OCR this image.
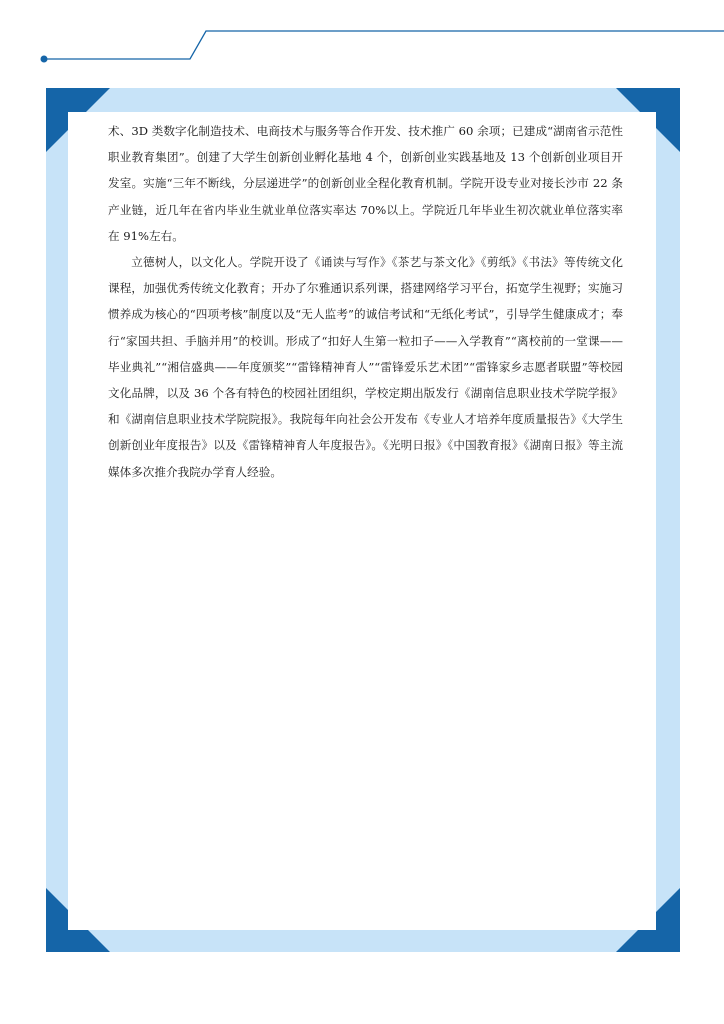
术、3D 类数字化制造技术、电商技术与服务等合作开发、技术推广 60 余项；已建成“湖南省示范性职业教育集团”。创建了大学生创新创业孵化基地 4 个，创新创业实践基地及 13 个创新创业项目开发室。实施“三年不断线，分层递进学”的创新创业全程化教育机制。学院开设专业对接长沙市 22 条产业链，近几年在省内毕业生就业单位落实率达 70%以上。学院近几年毕业生初次就业单位落实率在 91%左右。

立德树人，以文化人。学院开设了《诵读与写作》《茶艺与茶文化》《剪纸》《书法》等传统文化课程，加强优秀传统文化教育；开办了尔雅通识系列课，搭建网络学习平台，拓宽学生视野；实施习惯养成为核心的“四项考核”制度以及“无人监考”的诚信考试和“无纸化考试”，引导学生健康成才；奉行“家国共担、手脑并用”的校训。形成了“扣好人生第一粒扣子——入学教育”“离校前的一堂课——毕业典礼”“湘信盛典——年度颁奖”“雷锋精神育人”“雷锋爱乐艺术团”“雷锋家乡志愿者联盟”等校园文化品牌，以及 36 个各有特色的校园社团组织，学校定期出版发行《湖南信息职业技术学院学报》和《湖南信息职业技术学院院报》。我院每年向社会公开发布《专业人才培养年度质量报告》《大学生创新创业年度报告》以及《雷锋精神育人年度报告》。《光明日报》《中国教育报》《湖南日报》等主流媒体多次推介我院办学育人经验。
